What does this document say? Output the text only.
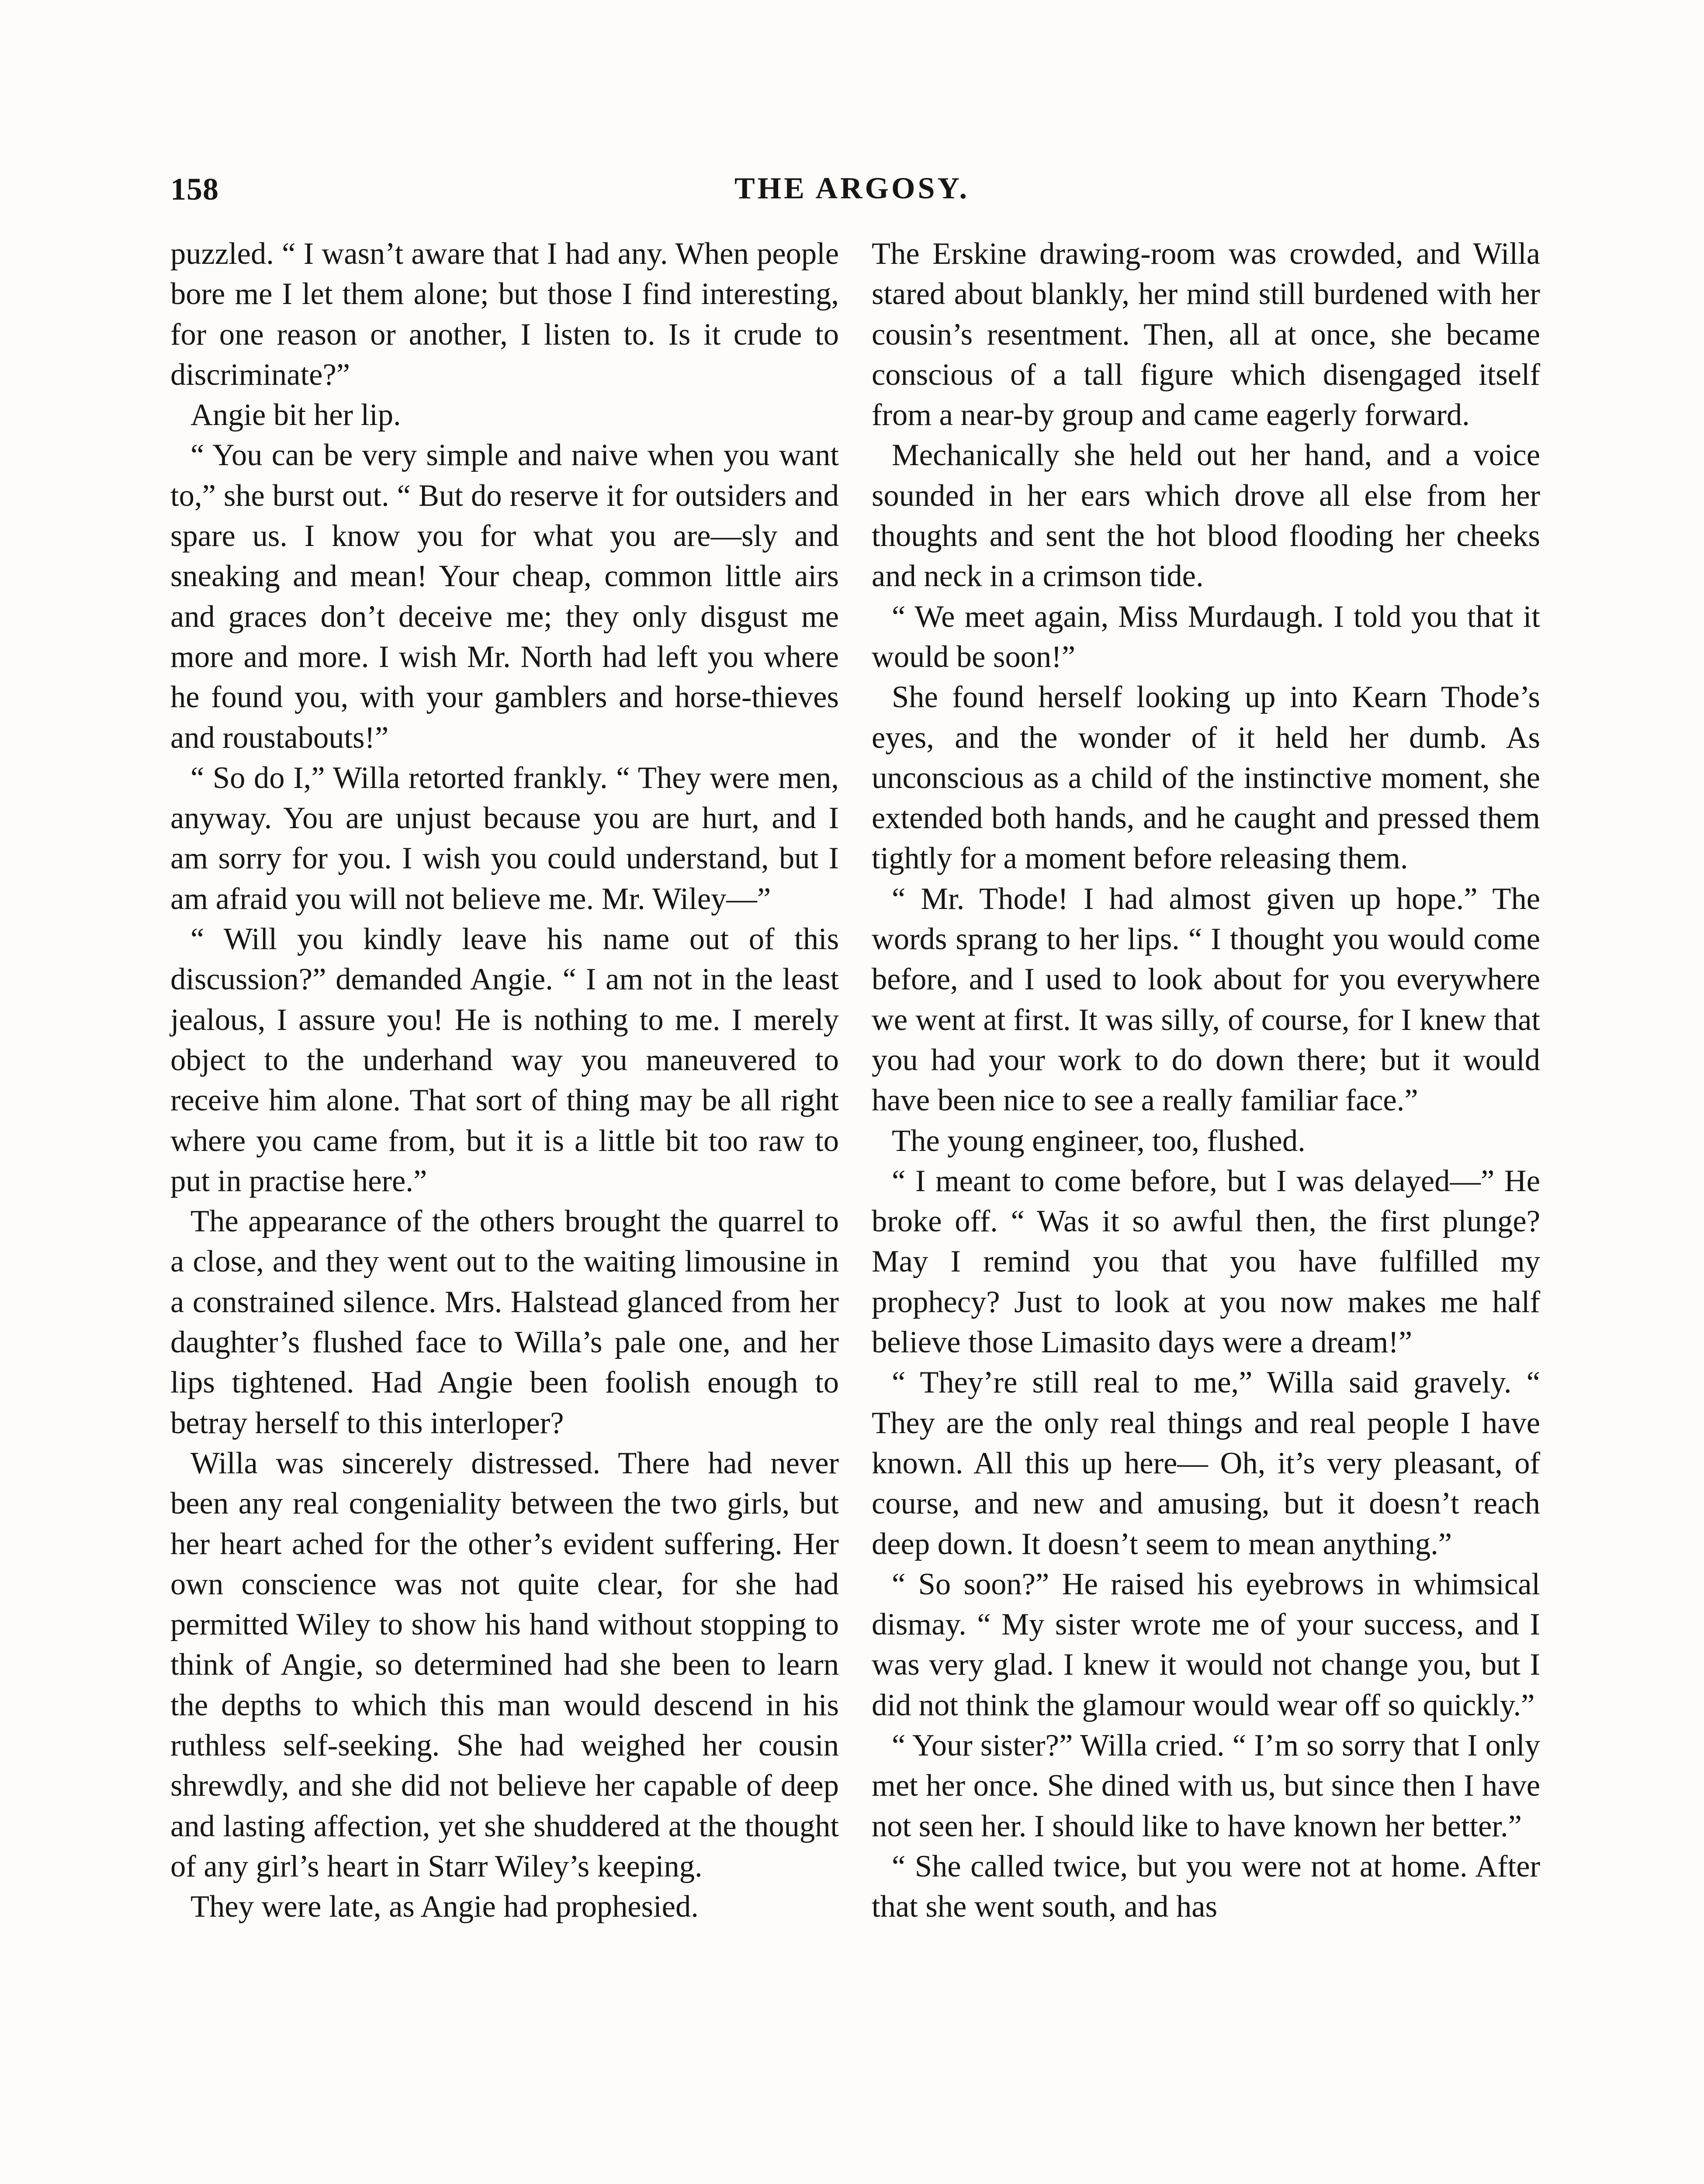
158	THE ARGOSY.

puzzled. “ I wasn’t aware that I had any. When people bore me I let them alone; but those I find interesting, for one reason or another, I listen to. Is it crude to discriminate?”

Angie bit her lip.

“ You can be very simple and naive when you want to,” she burst out. “ But do reserve it for outsiders and spare us. I know you for what you are—sly and sneaking and mean! Your cheap, common little airs and graces don’t deceive me; they only disgust me more and more. I wish Mr. North had left you where he found you, with your gamblers and horse-thieves and roustabouts!”

“ So do I,” Willa retorted frankly. “ They were men, anyway. You are unjust because you are hurt, and I am sorry for you. I wish you could understand, but I am afraid you will not believe me. Mr. Wiley—”

“ Will you kindly leave his name out of this discussion?” demanded Angie. “ I am not in the least jealous, I assure you! He is nothing to me. I merely object to the underhand way you maneuvered to receive him alone. That sort of thing may be all right where you came from, but it is a little bit too raw to put in practise here.”

The appearance of the others brought the quarrel to a close, and they went out to the waiting limousine in a constrained silence. Mrs. Halstead glanced from her daughter’s flushed face to Willa’s pale one, and her lips tightened. Had Angie been foolish enough to betray herself to this interloper?

Willa was sincerely distressed. There had never been any real congeniality between the two girls, but her heart ached for the other’s evident suffering. Her own conscience was not quite clear, for she had permitted Wiley to show his hand without stopping to think of Angie, so determined had she been to learn the depths to which this man would descend in his ruthless self-seeking. She had weighed her cousin shrewdly, and she did not believe her capable of deep and lasting affection, yet she shuddered at the thought of any girl’s heart in Starr Wiley’s keeping.

They were late, as Angie had prophesied.

The Erskine drawing-room was crowded, and Willa stared about blankly, her mind still burdened with her cousin’s resentment. Then, all at once, she became conscious of a tall figure which disengaged itself from a near-by group and came eagerly forward.

Mechanically she held out her hand, and a voice sounded in her ears which drove all else from her thoughts and sent the hot blood flooding her cheeks and neck in a crimson tide.

“ We meet again, Miss Murdaugh. I told you that it would be soon!”

She found herself looking up into Kearn Thode’s eyes, and the wonder of it held her dumb. As unconscious as a child of the instinctive moment, she extended both hands, and he caught and pressed them tightly for a moment before releasing them.

“ Mr. Thode! I had almost given up hope.” The words sprang to her lips. “ I thought you would come before, and I used to look about for you everywhere we went at first. It was silly, of course, for I knew that you had your work to do down there; but it would have been nice to see a really familiar face.”

The young engineer, too, flushed.

“ I meant to come before, but I was delayed—” He broke off. “ Was it so awful then, the first plunge? May I remind you that you have fulfilled my prophecy? Just to look at you now makes me half believe those Limasito days were a dream!”

“ They’re still real to me,” Willa said gravely. “ They are the only real things and real people I have known. All this up here— Oh, it’s very pleasant, of course, and new and amusing, but it doesn’t reach deep down. It doesn’t seem to mean anything.”

“ So soon?” He raised his eyebrows in whimsical dismay. “ My sister wrote me of your success, and I was very glad. I knew it would not change you, but I did not think the glamour would wear off so quickly.”

“ Your sister?” Willa cried. “ I’m so sorry that I only met her once. She dined with us, but since then I have not seen her. I should like to have known her better.”

“ She called twice, but you were not at home. After that she went south, and has
